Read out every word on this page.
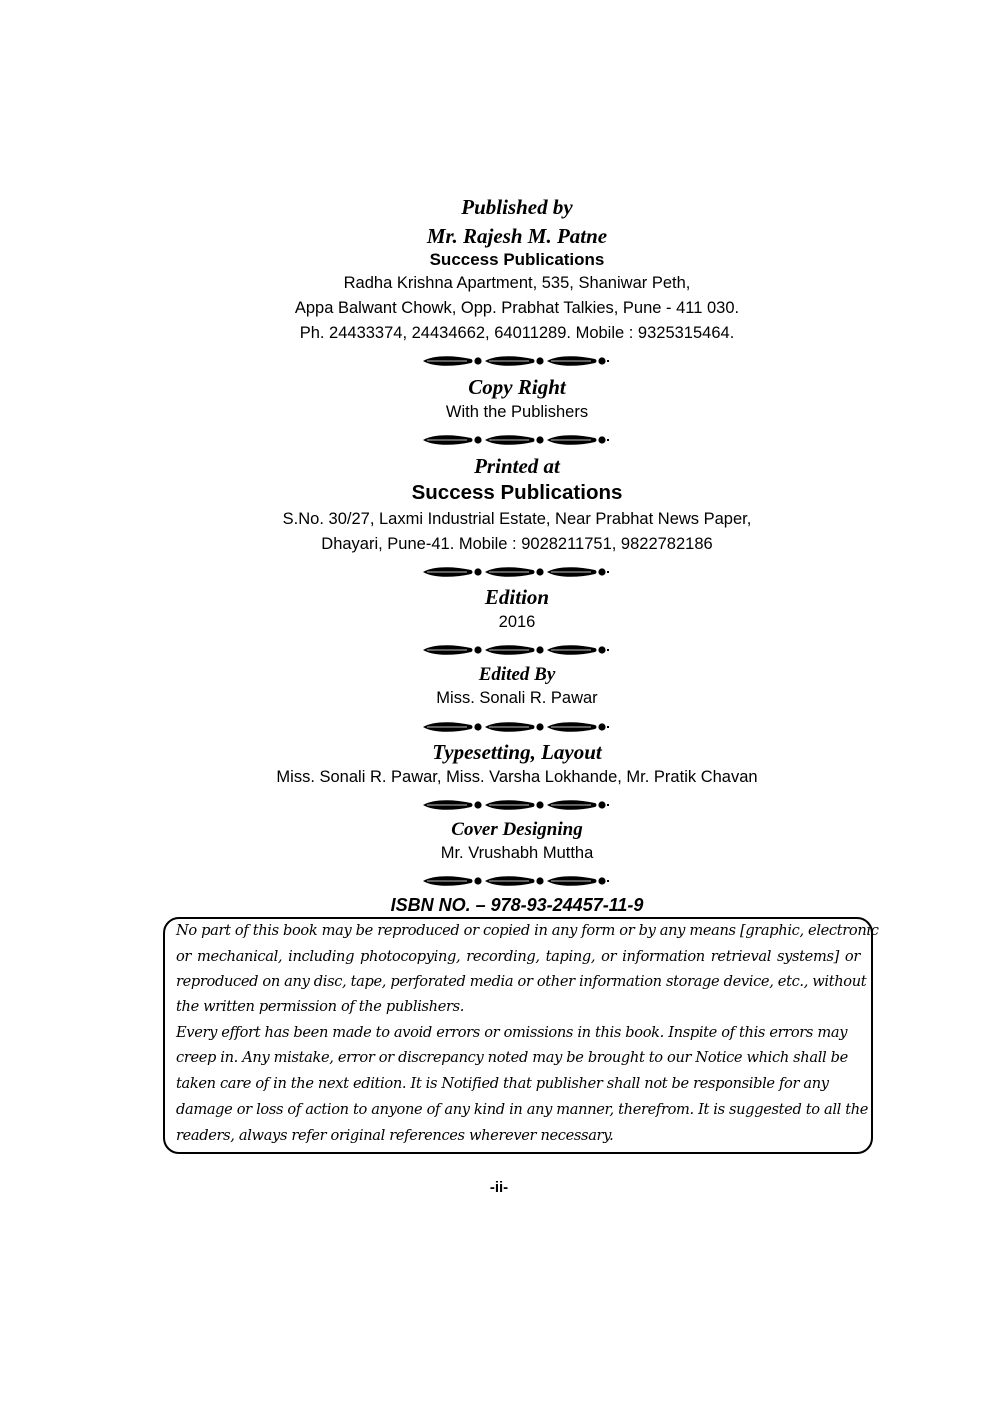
Published by
Mr. Rajesh M. Patne
Success Publications
Radha Krishna Apartment, 535, Shaniwar Peth,
Appa Balwant Chowk, Opp. Prabhat Talkies, Pune - 411 030.
Ph. 24433374, 24434662, 64011289. Mobile : 9325315464.
Copy Right
With the Publishers
Printed at
Success Publications
S.No. 30/27, Laxmi Industrial Estate, Near Prabhat News Paper,
Dhayari, Pune-41. Mobile : 9028211751, 9822782186
Edition
2016
Edited By
Miss. Sonali R. Pawar
Typesetting, Layout
Miss. Sonali R. Pawar, Miss. Varsha Lokhande, Mr. Pratik Chavan
Cover Designing
Mr. Vrushabh Muttha
ISBN NO. – 978-93-24457-11-9
No part of this book may be reproduced or copied in any form or by any means [graphic, electronic
or mechanical, including photocopying, recording, taping, or information retrieval systems] or
reproduced on any disc, tape, perforated media or other information storage device, etc., without
the written permission of the publishers.
Every effort has been made to avoid errors or omissions in this book. Inspite of this errors may
creep in. Any mistake, error or discrepancy noted may be brought to our Notice which shall be
taken care of in the next edition. It is Notified that publisher shall not be responsible for any
damage or loss of action to anyone of any kind in any manner, therefrom. It is suggested to all the
readers, always refer original references wherever necessary.
-ii-
